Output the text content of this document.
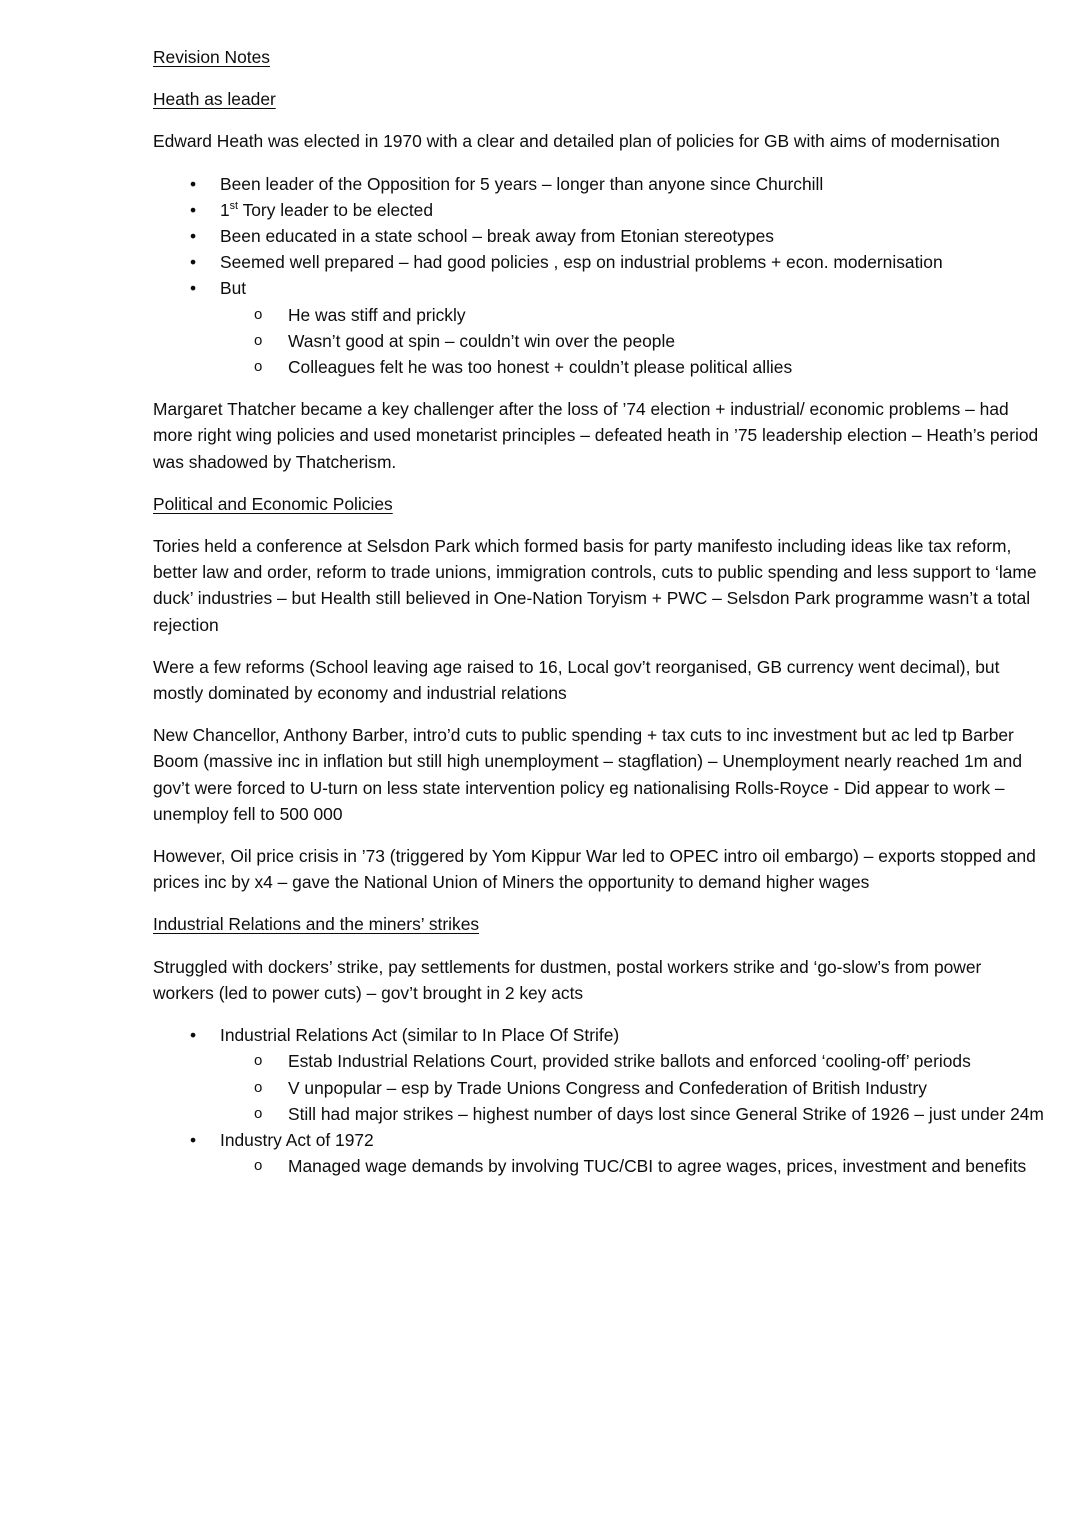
Revision Notes
Heath as leader

Edward Heath was elected in 1970 with a clear and detailed plan of policies for GB with aims of modernisation

•	Been leader of the Opposition for 5 years – longer than anyone since Churchill
•	1st Tory leader to be elected
•	Been educated in a state school – break away from Etonian stereotypes
•	Seemed well prepared – had good policies , esp on industrial problems + econ. modernisation
•	But
o	He was stiff and prickly
o	Wasn’t good at spin – couldn’t win over the people
o	Colleagues felt he was too honest + couldn’t please political allies

Margaret Thatcher became a key challenger after the loss of ’74 election + industrial/ economic problems – had more right wing policies and used monetarist principles – defeated heath in ’75 leadership election – Heath’s period was shadowed by Thatcherism.

Political and Economic Policies

Tories held a conference at Selsdon Park which formed basis for party manifesto including ideas like tax reform, better law and order, reform to trade unions, immigration controls, cuts to public spending and less support to ‘lame duck’ industries – but Health still believed in One-Nation Toryism + PWC – Selsdon Park programme wasn’t a total rejection

Were a few reforms (School leaving age raised to 16, Local gov’t reorganised, GB currency went decimal), but mostly dominated by economy and industrial relations

New Chancellor, Anthony Barber, intro’d cuts to public spending + tax cuts to inc investment but ac led tp Barber Boom (massive inc in inflation but still high unemployment – stagflation) – Unemployment nearly reached 1m and gov’t were forced to U-turn on less state intervention policy eg nationalising Rolls-Royce - Did appear to work – unemploy fell to 500 000

However, Oil price crisis in ’73 (triggered by Yom Kippur War led to OPEC intro oil embargo) – exports stopped and prices inc by x4 – gave the National Union of Miners the opportunity to demand higher wages

Industrial Relations and the miners’ strikes

Struggled with dockers’ strike, pay settlements for dustmen, postal workers strike and ‘go-slow’s from power workers (led to power cuts) – gov’t brought in 2 key acts

•	Industrial Relations Act (similar to In Place Of Strife)
o	Estab Industrial Relations Court, provided strike ballots and enforced ‘cooling-off’ periods
o	V unpopular – esp by Trade Unions Congress and Confederation of British Industry
o	Still had major strikes – highest number of days lost since General Strike of 1926 – just under 24m
•	Industry Act of 1972
o	Managed wage demands by involving TUC/CBI to agree wages, prices, investment and benefits
